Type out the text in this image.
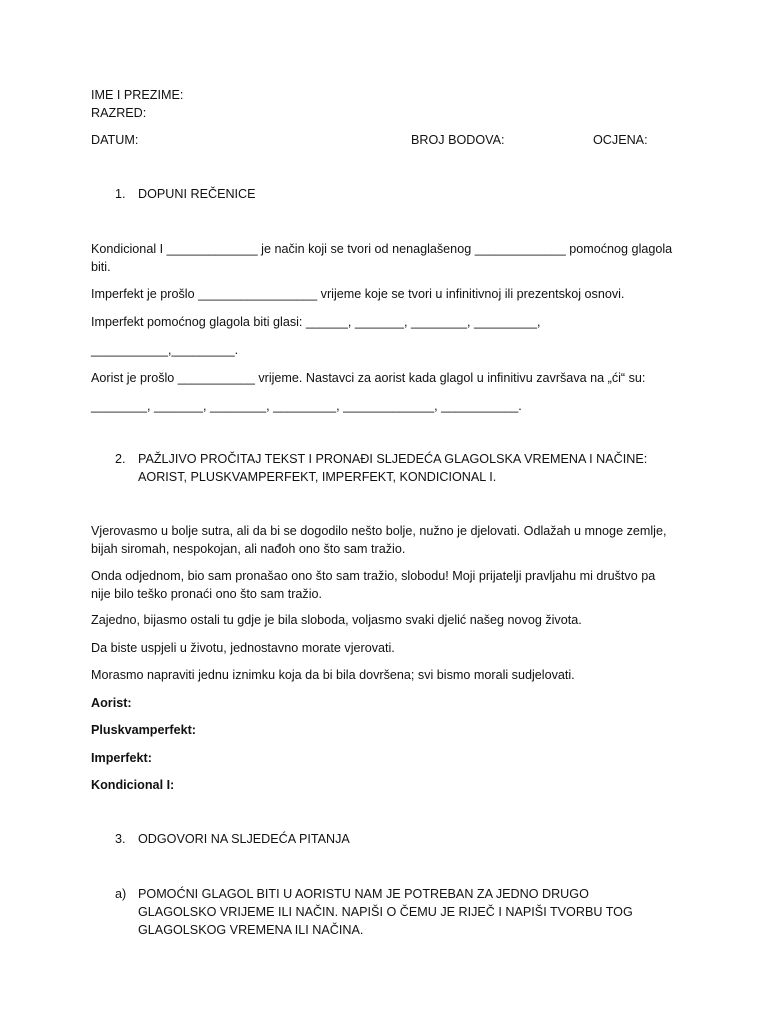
IME I PREZIME:
RAZRED:
DATUM:	BROJ BODOVA:	OCJENA:
1. DOPUNI REČENICE
Kondicional I _____________ je način koji se tvori od nenaglašenog _____________ pomoćnog glagola biti.
Imperfekt je prošlo _________________ vrijeme koje se tvori u infinitivnoj ili prezentskoj osnovi.
Imperfekt pomoćnog glagola biti glasi: ______, _______, ________, _________,
___________,_________.
Aorist je prošlo ___________ vrijeme. Nastavci za aorist kada glagol u infinitivu završava na „ći“ su:
________, _______, ________, _________, _____________, ___________.
2. PAŽLJIVO PROČITAJ TEKST I PRONAĐI SLJEDEĆA GLAGOLSKA VREMENA I NAČINE: AORIST, PLUSKVAMPERFEKT, IMPERFEKT, KONDICIONAL I.
Vjerovasmo u bolje sutra, ali da bi se dogodilo nešto bolje, nužno je djelovati. Odlažah u mnoge zemlje, bijah siromah, nespokojan, ali nađoh ono što sam tražio.
Onda odjednom, bio sam pronašao ono što sam tražio, slobodu! Moji prijatelji pravljahu mi društvo pa nije bilo teško pronaći ono što sam tražio.
Zajedno, bijasmo ostali tu gdje je bila sloboda, voljasmo svaki djelić našeg novog života.
Da biste uspjeli u životu, jednostavno morate vjerovati.
Morasmo napraviti jednu iznimku koja da bi bila dovršena; svi bismo morali sudjelovati.
Aorist:
Pluskvamperfekt:
Imperfekt:
Kondicional I:
3. ODGOVORI NA SLJEDEĆA PITANJA
a) POMOĆNI GLAGOL BITI U AORISTU NAM JE POTREBAN ZA JEDNO DRUGO GLAGOLSKO VRIJEME ILI NAČIN. NAPIŠI O ČEMU JE RIJEČ I NAPIŠI TVORBU TOG GLAGOLSKOG VREMENA ILI NAČINA.
